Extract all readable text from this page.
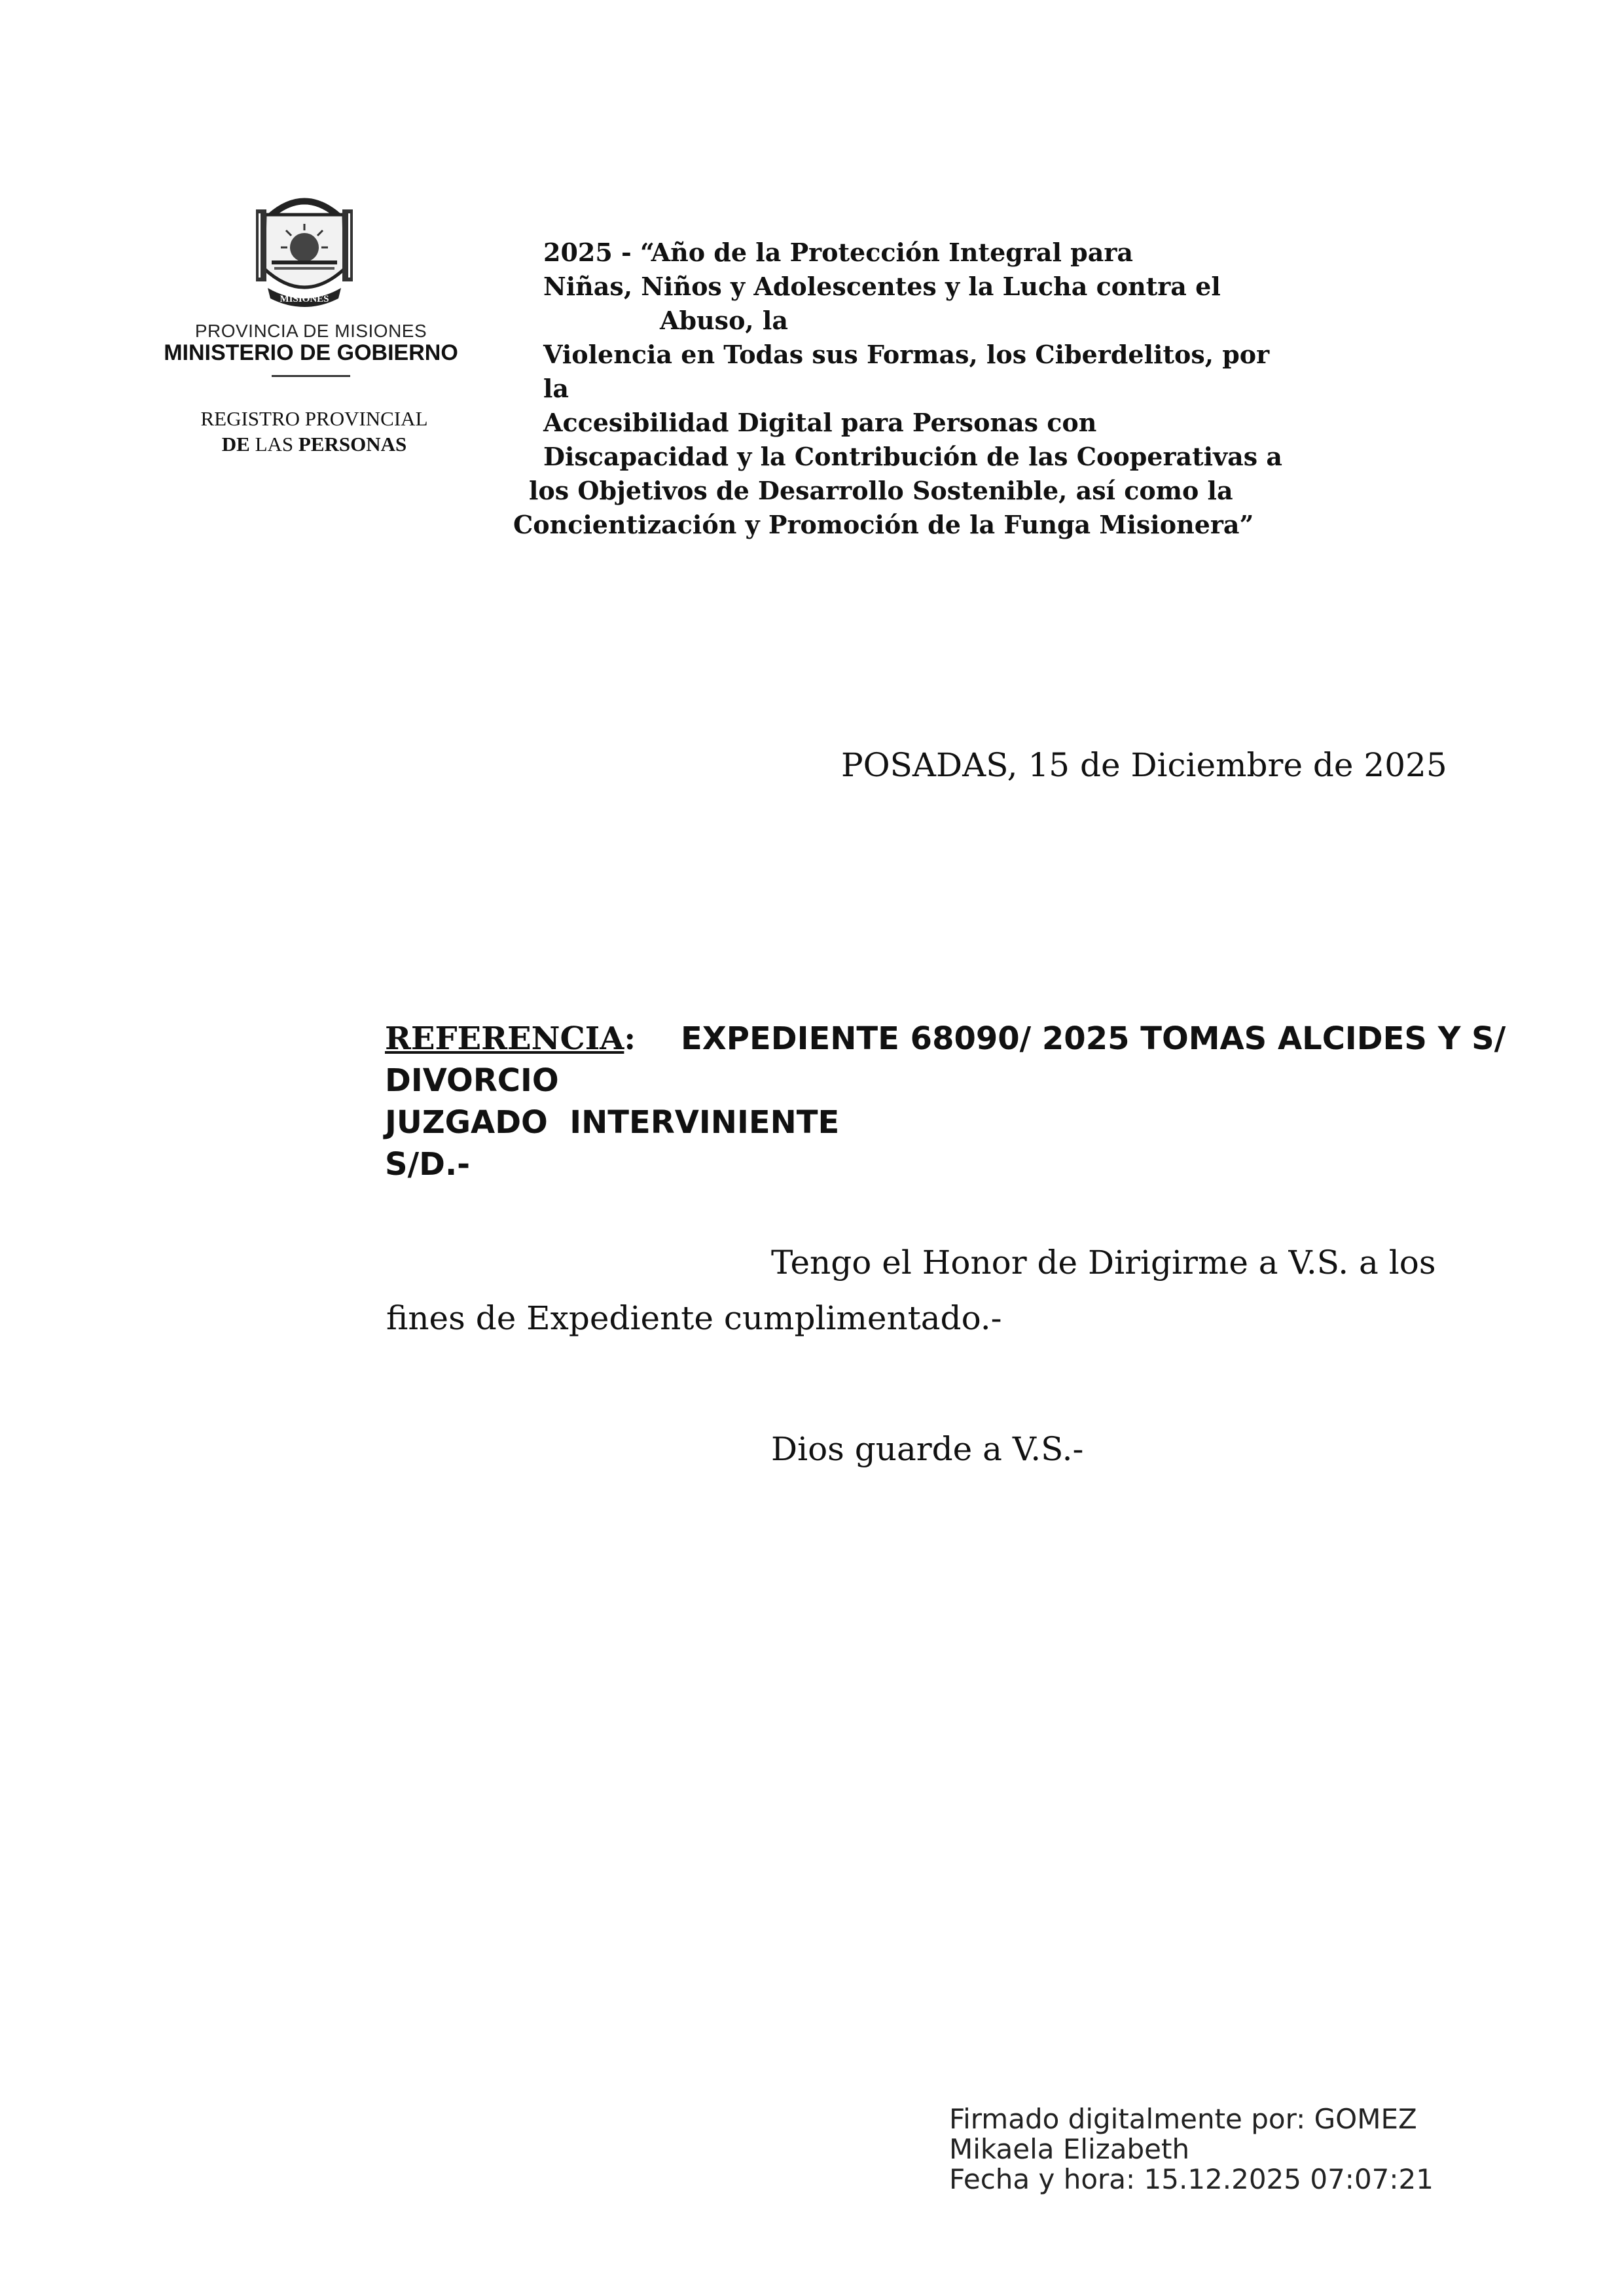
MISIONES
PROVINCIA DE MISIONES
MINISTERIO DE GOBIERNO
REGISTRO PROVINCIAL
DE LAS PERSONAS
2025 - “Año de la Protección Integral para
Niñas, Niños y Adolescentes y la Lucha contra el
Abuso, la
Violencia en Todas sus Formas, los Ciberdelitos, por
la
Accesibilidad Digital para Personas con
Discapacidad y la Contribución de las Cooperativas a
los Objetivos de Desarrollo Sostenible, así como la
Concientización y Promoción de la Funga Misionera”
POSADAS, 15 de Diciembre de 2025
REFERENCIA: EXPEDIENTE 68090/ 2025 TOMAS ALCIDES Y S/
DIVORCIO
JUZGADO  INTERVINIENTE
S/D.-
Tengo el Honor de Dirigirme a V.S. a los
fines de Expediente cumplimentado.-
Dios guarde a V.S.-
Firmado digitalmente por: GOMEZ
Mikaela Elizabeth
Fecha y hora: 15.12.2025 07:07:21
